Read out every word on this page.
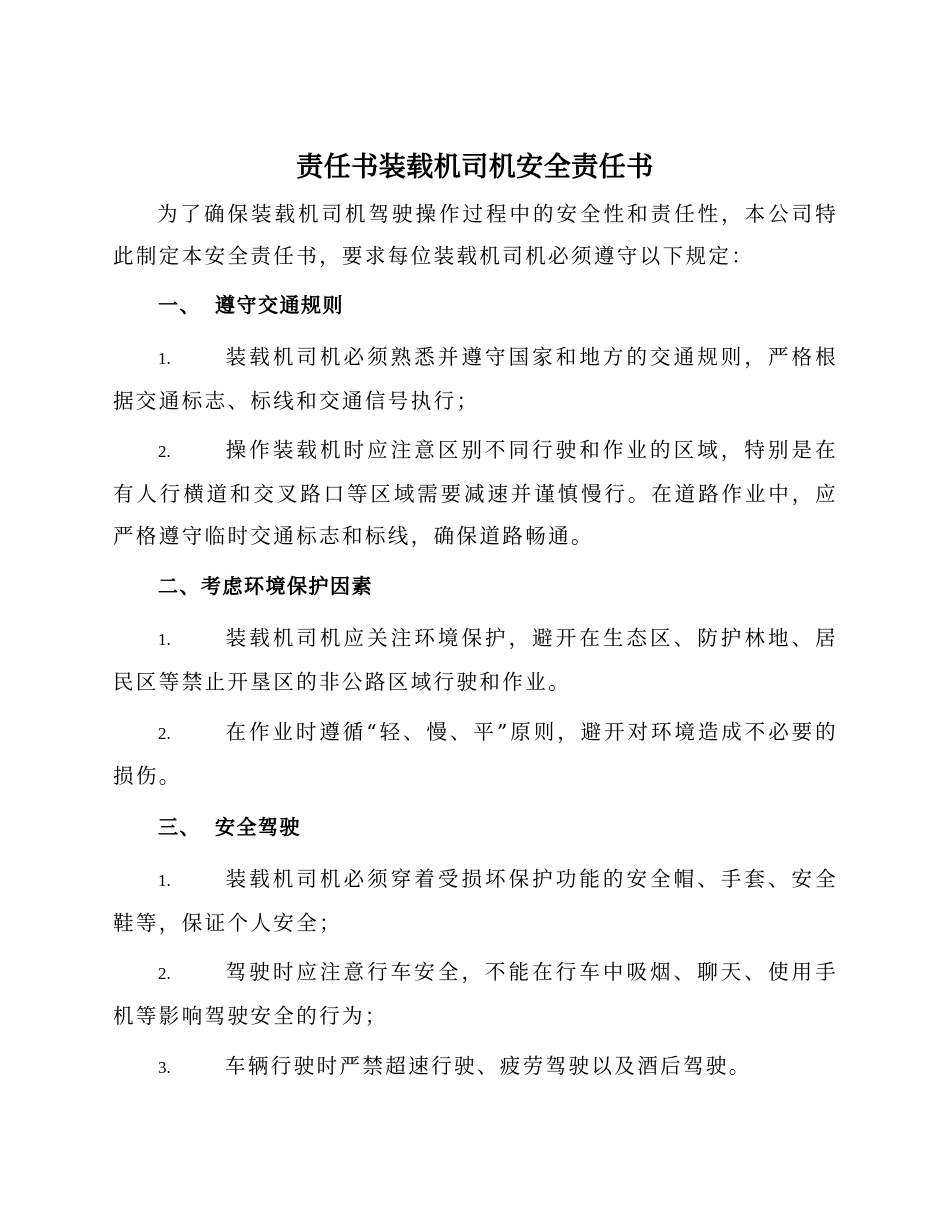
责任书装载机司机安全责任书
为了确保装载机司机驾驶操作过程中的安全性和责任性，本公司特此制定本安全责任书，要求每位装载机司机必须遵守以下规定：
一、 遵守交通规则
1.	装载机司机必须熟悉并遵守国家和地方的交通规则，严格根据交通标志、标线和交通信号执行；
2.	操作装载机时应注意区别不同行驶和作业的区域，特别是在有人行横道和交叉路口等区域需要减速并谨慎慢行。在道路作业中，应严格遵守临时交通标志和标线，确保道路畅通。
二、考虑环境保护因素
1.	装载机司机应关注环境保护，避开在生态区、防护林地、居民区等禁止开垦区的非公路区域行驶和作业。
2.	在作业时遵循“轻、慢、平”原则，避开对环境造成不必要的损伤。
三、 安全驾驶
1.	装载机司机必须穿着受损坏保护功能的安全帽、手套、安全鞋等，保证个人安全；
2.	驾驶时应注意行车安全，不能在行车中吸烟、聊天、使用手机等影响驾驶安全的行为；
3.	车辆行驶时严禁超速行驶、疲劳驾驶以及酒后驾驶。
